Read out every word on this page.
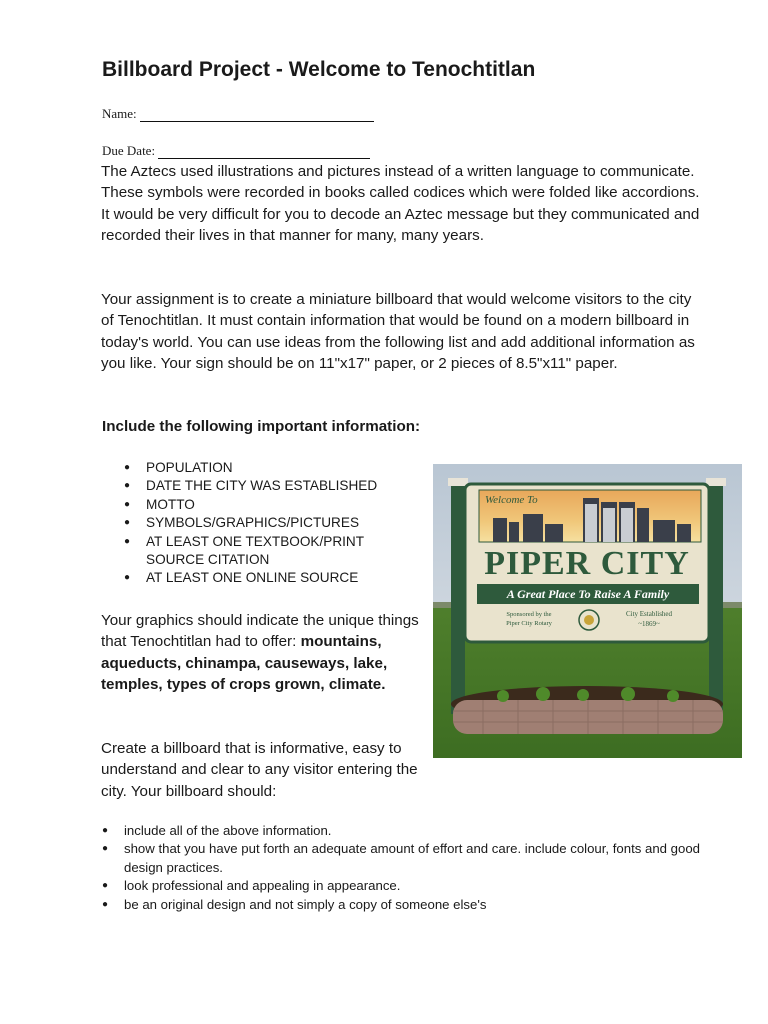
Billboard Project - Welcome to Tenochtitlan
Name:
Due Date:
The Aztecs used illustrations and pictures instead of a written language to communicate. These symbols were recorded in books called codices which were folded like accordions. It would be very difficult for you to decode an Aztec message but they communicated and recorded their lives in that manner for many, many years.
Your assignment is to create a miniature billboard that would welcome visitors to the city of Tenochtitlan. It must contain information that would be found on a modern billboard in today's world. You can use ideas from the following list and add additional information as you like. Your sign should be on 11"x17" paper, or 2 pieces of 8.5"x11" paper.
Include the following important information:
● POPULATION
● DATE THE CITY WAS ESTABLISHED
● MOTTO
● SYMBOLS/GRAPHICS/PICTURES
● AT LEAST ONE TEXTBOOK/PRINT SOURCE CITATION
● AT LEAST ONE ONLINE SOURCE
Your graphics should indicate the unique things that Tenochtitlan had to offer: mountains, aqueducts, chinampa, causeways, lake, temples, types of crops grown, climate.
Create a billboard that is informative, easy to understand and clear to any visitor entering the city. Your billboard should:
● include all of the above information.
● show that you have put forth an adequate amount of effort and care. include colour, fonts and good design practices.
● look professional and appealing in appearance.
● be an original design and not simply a copy of someone else's
Welcome To
PIPER CITY
A Great Place To Raise A Family
Sponsored by the
Piper City Rotary
City Established
~1869~
